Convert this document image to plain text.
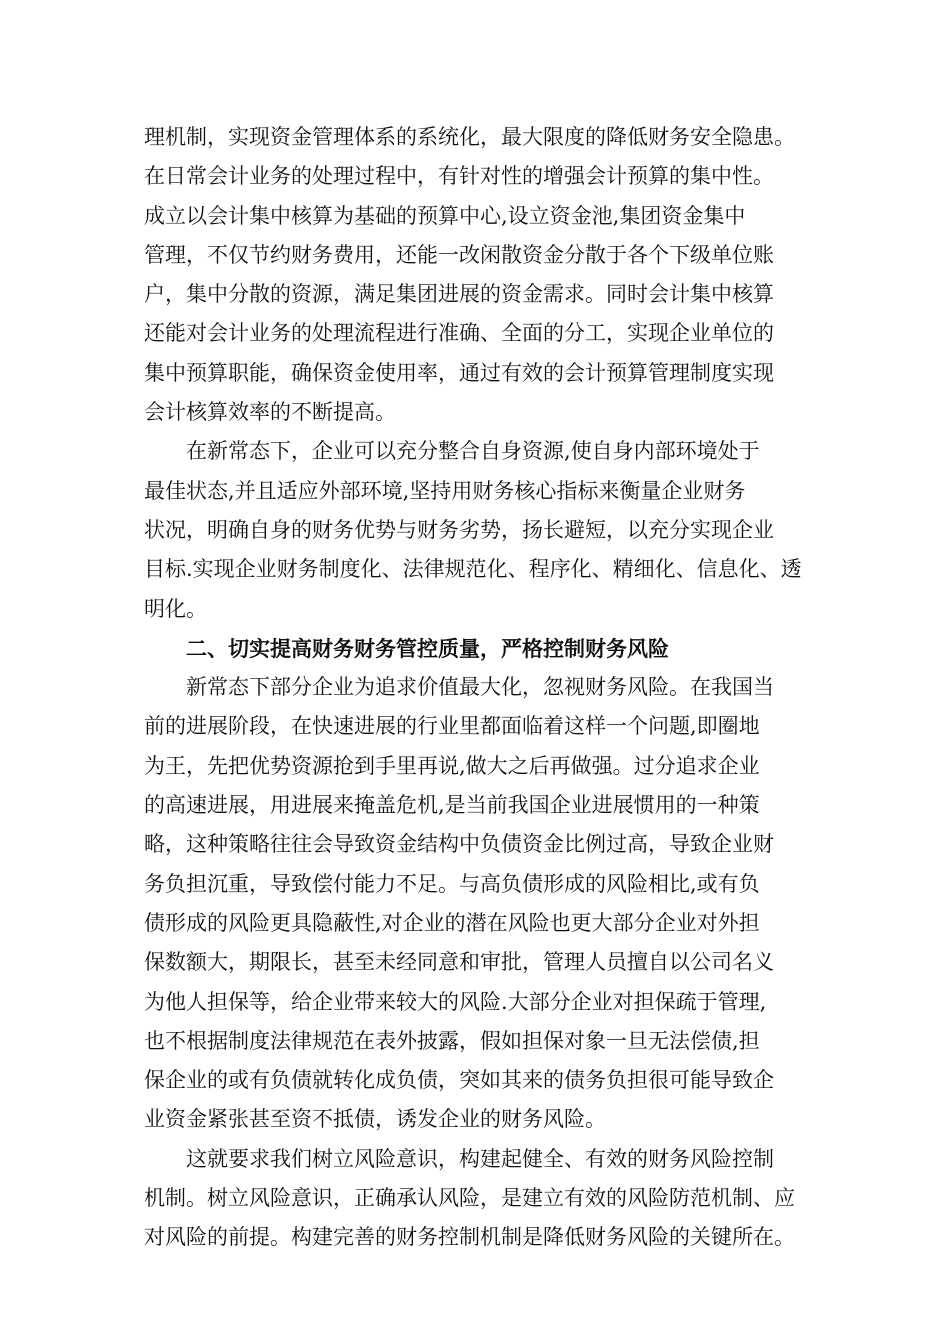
理机制，实现资金管理体系的系统化，最大限度的降低财务安全隐患。
在日常会计业务的处理过程中，有针对性的增强会计预算的集中性。
成立以会计集中核算为基础的预算中心,设立资金池,集团资金集中
管理，不仅节约财务费用，还能一改闲散资金分散于各个下级单位账
户，集中分散的资源，满足集团进展的资金需求。同时会计集中核算
还能对会计业务的处理流程进行准确、全面的分工，实现企业单位的
集中预算职能，确保资金使用率，通过有效的会计预算管理制度实现
会计核算效率的不断提高。
在新常态下，企业可以充分整合自身资源,使自身内部环境处于
最佳状态,并且适应外部环境,坚持用财务核心指标来衡量企业财务
状况，明确自身的财务优势与财务劣势，扬长避短，以充分实现企业
目标.实现企业财务制度化、法律规范化、程序化、精细化、信息化、透
明化。
二、切实提高财务财务管控质量，严格控制财务风险
新常态下部分企业为追求价值最大化，忽视财务风险。在我国当
前的进展阶段，在快速进展的行业里都面临着这样一个问题,即圈地
为王，先把优势资源抢到手里再说,做大之后再做强。过分追求企业
的高速进展，用进展来掩盖危机,是当前我国企业进展惯用的一种策
略，这种策略往往会导致资金结构中负债资金比例过高，导致企业财
务负担沉重，导致偿付能力不足。与高负债形成的风险相比,或有负
债形成的风险更具隐蔽性,对企业的潜在风险也更大部分企业对外担
保数额大，期限长，甚至未经同意和审批，管理人员擅自以公司名义
为他人担保等，给企业带来较大的风险.大部分企业对担保疏于管理,
也不根据制度法律规范在表外披露，假如担保对象一旦无法偿债,担
保企业的或有负债就转化成负债，突如其来的债务负担很可能导致企
业资金紧张甚至资不抵债，诱发企业的财务风险。
这就要求我们树立风险意识，构建起健全、有效的财务风险控制
机制。树立风险意识，正确承认风险，是建立有效的风险防范机制、应
对风险的前提。构建完善的财务控制机制是降低财务风险的关键所在。
